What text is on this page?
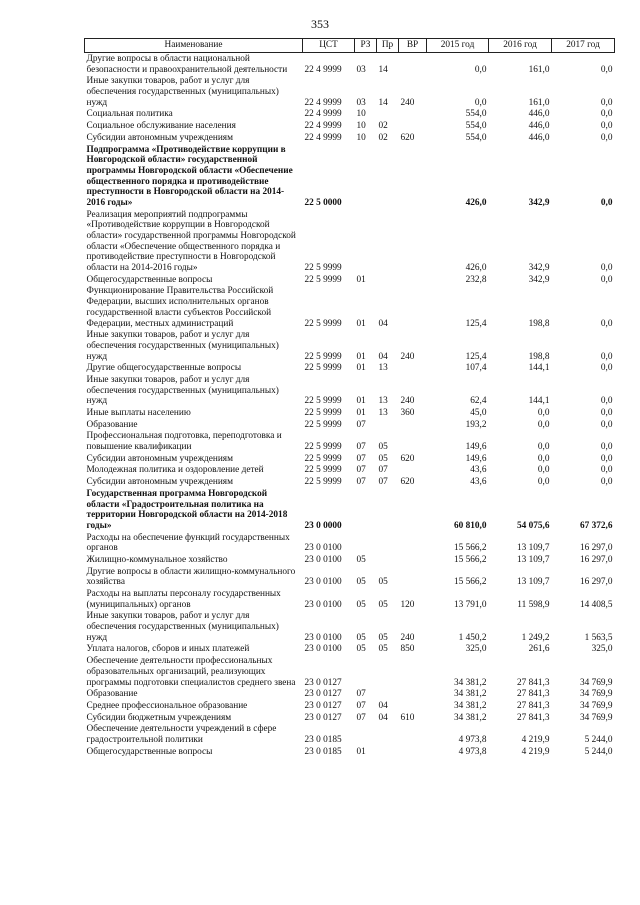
353
Наименование	ЦСТ	РЗ	Пр	ВР	2015 год	2016 год	2017 год
Другие вопросы в области национальной безопасности и правоохранительной деятельности	22 4 9999	03	14		0,0	161,0	0,0
Иные закупки товаров, работ и услуг для обеспечения государственных (муниципальных) нужд	22 4 9999	03	14	240	0,0	161,0	0,0
Социальная политика	22 4 9999	10			554,0	446,0	0,0
Социальное обслуживание населения	22 4 9999	10	02		554,0	446,0	0,0
Субсидии автономным учреждениям	22 4 9999	10	02	620	554,0	446,0	0,0
Подпрограмма «Противодействие коррупции в Новгородской области» государственной программы Новгородской области «Обеспечение общественного порядка и противодействие преступности в Новгородской области на 2014-2016 годы»	22 5 0000				426,0	342,9	0,0
Реализация мероприятий подпрограммы «Противодействие коррупции в Новгородской области» государственной программы Новгородской области «Обеспечение общественного порядка и противодействие преступности в Новгородской области на 2014-2016 годы»	22 5 9999				426,0	342,9	0,0
Общегосударственные вопросы	22 5 9999	01			232,8	342,9	0,0
Функционирование Правительства Российской Федерации, высших исполнительных органов государственной власти субъектов Российской Федерации, местных администраций	22 5 9999	01	04		125,4	198,8	0,0
Иные закупки товаров, работ и услуг для обеспечения государственных (муниципальных) нужд	22 5 9999	01	04	240	125,4	198,8	0,0
Другие общегосударственные вопросы	22 5 9999	01	13		107,4	144,1	0,0
Иные закупки товаров, работ и услуг для обеспечения государственных (муниципальных) нужд	22 5 9999	01	13	240	62,4	144,1	0,0
Иные выплаты населению	22 5 9999	01	13	360	45,0	0,0	0,0
Образование	22 5 9999	07			193,2	0,0	0,0
Профессиональная подготовка, переподготовка и повышение квалификации	22 5 9999	07	05		149,6	0,0	0,0
Субсидии автономным учреждениям	22 5 9999	07	05	620	149,6	0,0	0,0
Молодежная политика и оздоровление детей	22 5 9999	07	07		43,6	0,0	0,0
Субсидии автономным учреждениям	22 5 9999	07	07	620	43,6	0,0	0,0
Государственная программа Новгородской области «Градостроительная политика на территории Новгородской области на 2014-2018 годы»	23 0 0000				60 810,0	54 075,6	67 372,6
Расходы на обеспечение функций государственных органов	23 0 0100				15 566,2	13 109,7	16 297,0
Жилищно-коммунальное хозяйство	23 0 0100	05			15 566,2	13 109,7	16 297,0
Другие вопросы в области жилищно-коммунального хозяйства	23 0 0100	05	05		15 566,2	13 109,7	16 297,0
Расходы на выплаты персоналу государственных (муниципальных) органов	23 0 0100	05	05	120	13 791,0	11 598,9	14 408,5
Иные закупки товаров, работ и услуг для обеспечения государственных (муниципальных) нужд	23 0 0100	05	05	240	1 450,2	1 249,2	1 563,5
Уплата налогов, сборов и иных платежей	23 0 0100	05	05	850	325,0	261,6	325,0
Обеспечение деятельности профессиональных образовательных организаций, реализующих программы подготовки специалистов среднего звена	23 0 0127				34 381,2	27 841,3	34 769,9
Образование	23 0 0127	07			34 381,2	27 841,3	34 769,9
Среднее профессиональное образование	23 0 0127	07	04		34 381,2	27 841,3	34 769,9
Субсидии бюджетным учреждениям	23 0 0127	07	04	610	34 381,2	27 841,3	34 769,9
Обеспечение деятельности учреждений в сфере градостроительной политики	23 0 0185				4 973,8	4 219,9	5 244,0
Общегосударственные вопросы	23 0 0185	01			4 973,8	4 219,9	5 244,0
